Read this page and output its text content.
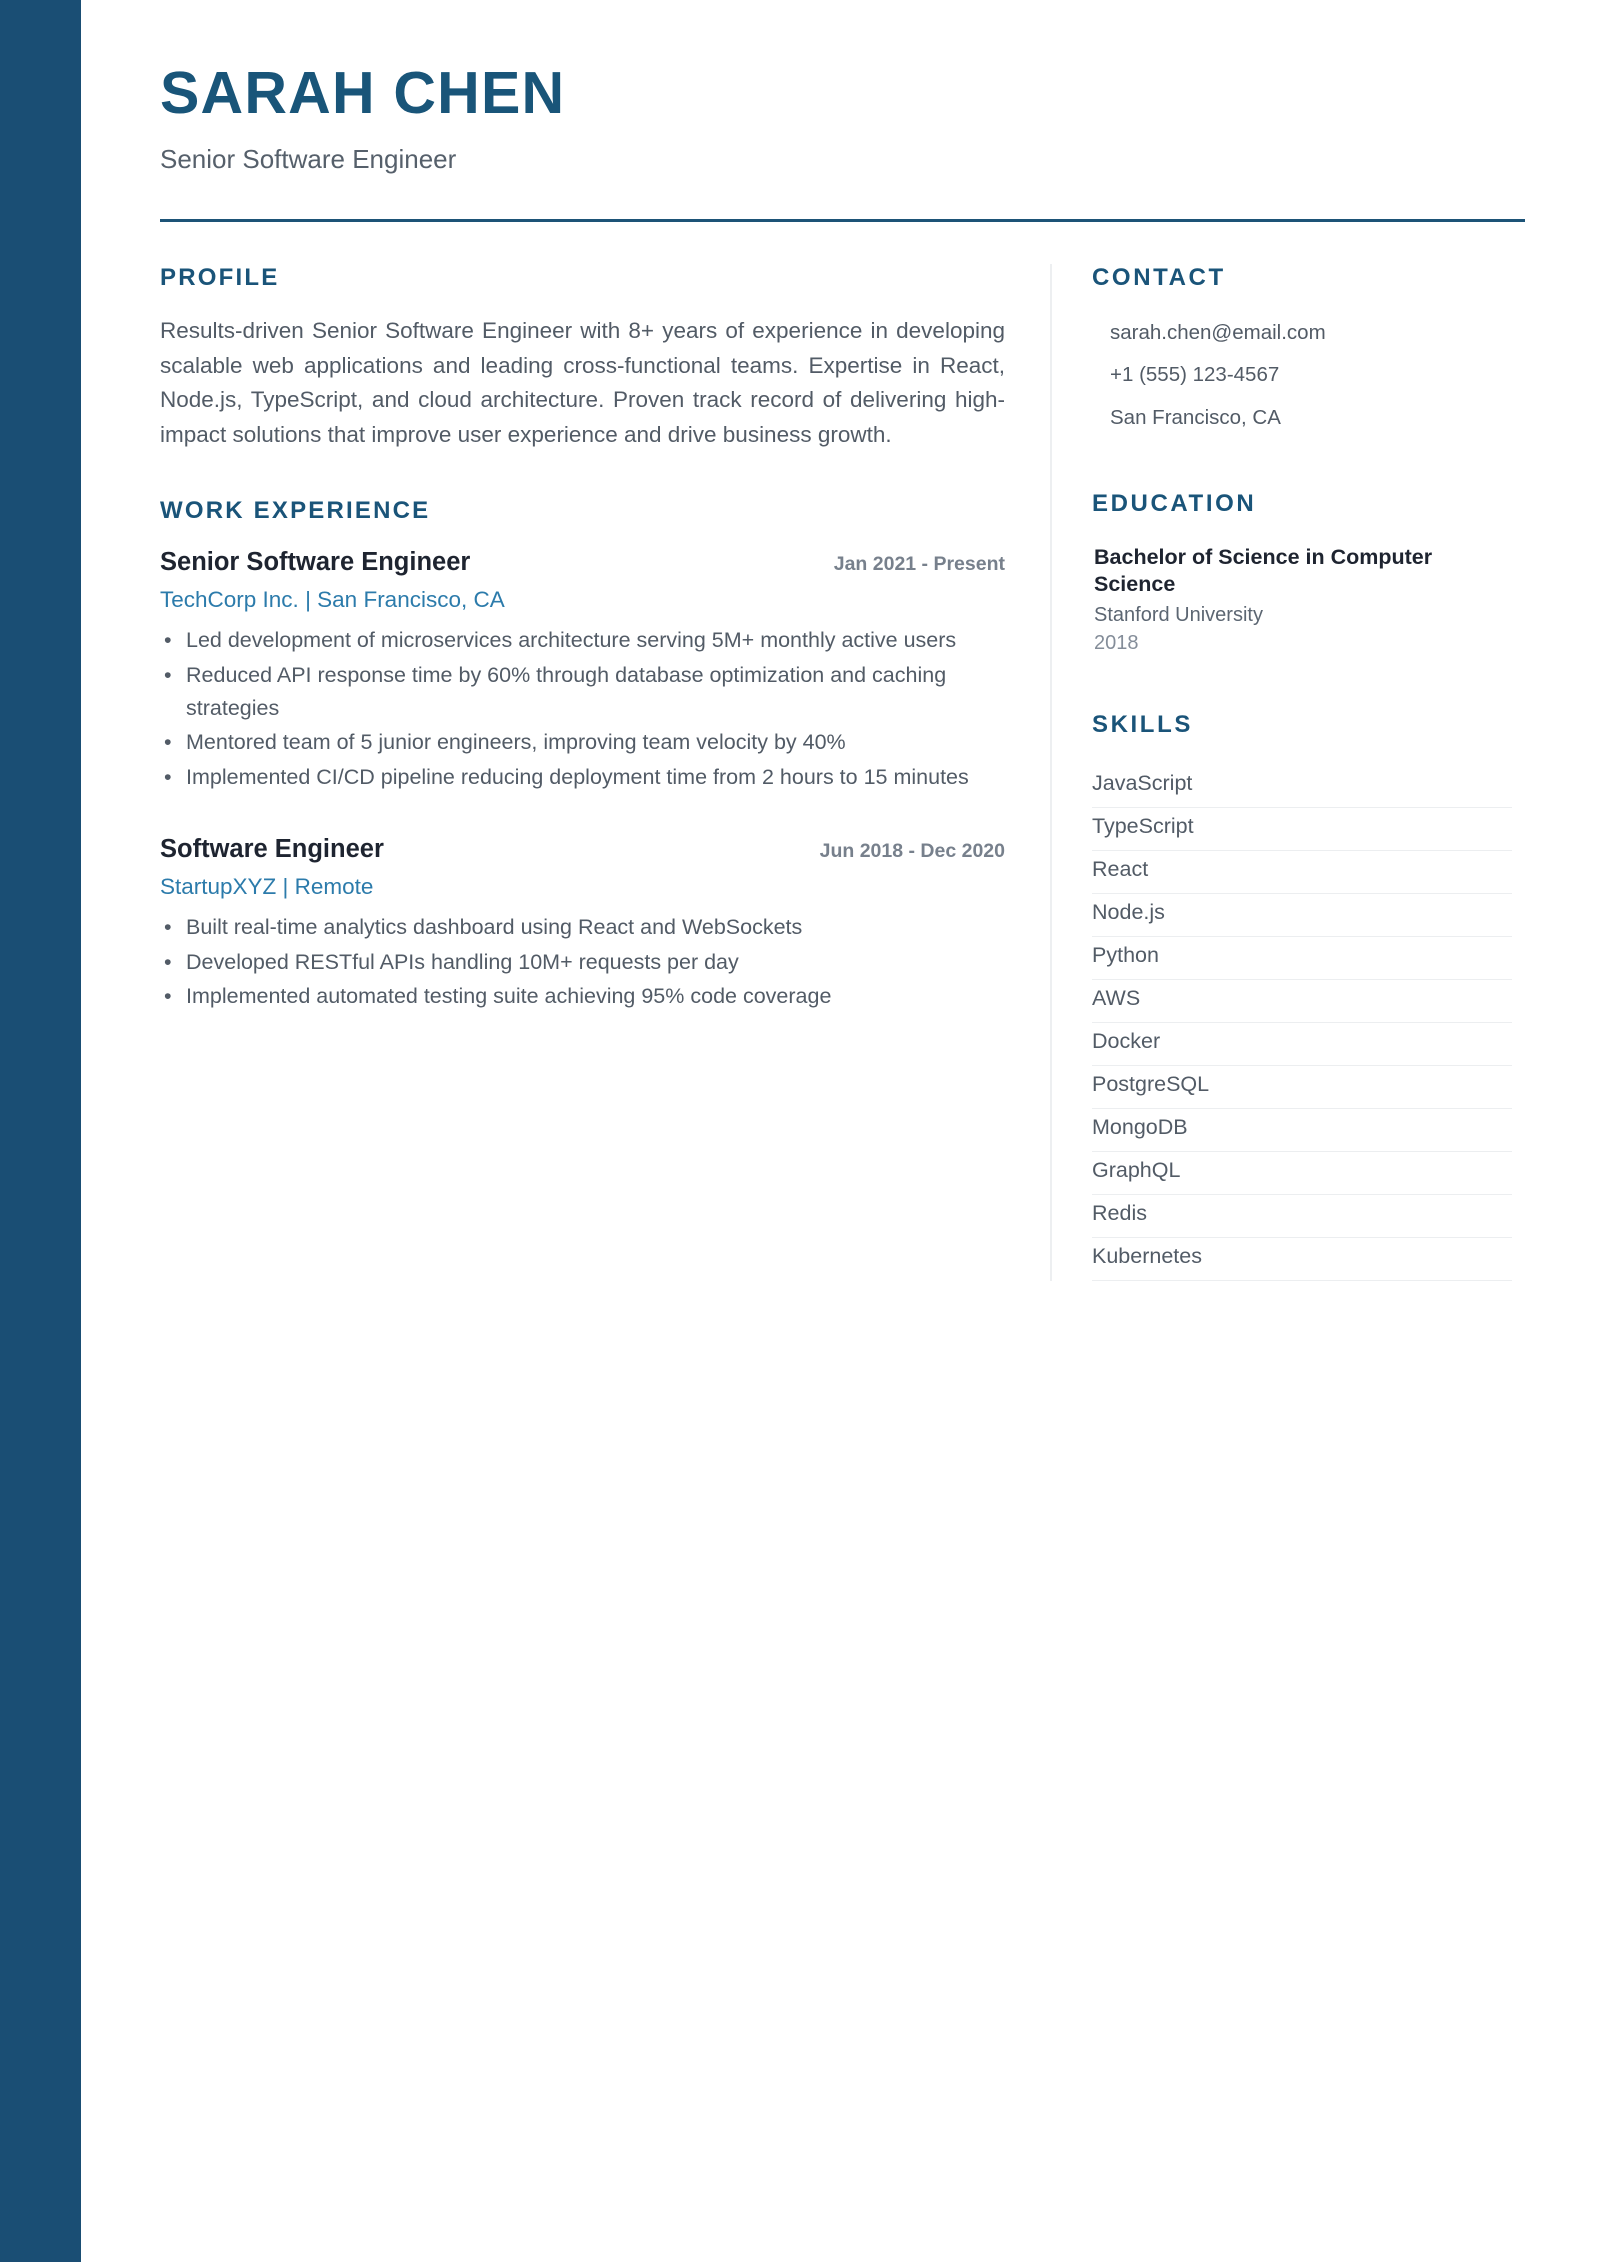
SARAH CHEN
Senior Software Engineer
PROFILE

Results-driven Senior Software Engineer with 8+ years of experience in developing scalable web applications and leading cross-functional teams. Expertise in React, Node.js, TypeScript, and cloud architecture. Proven track record of delivering high-impact solutions that improve user experience and drive business growth.

WORK EXPERIENCE
Senior Software Engineer	Jan 2021 - Present
TechCorp Inc. | San Francisco, CA
• Led development of microservices architecture serving 5M+ monthly active users
• Reduced API response time by 60% through database optimization and caching strategies
• Mentored team of 5 junior engineers, improving team velocity by 40%
• Implemented CI/CD pipeline reducing deployment time from 2 hours to 15 minutes
Software Engineer	Jun 2018 - Dec 2020
StartupXYZ | Remote
• Built real-time analytics dashboard using React and WebSockets
• Developed RESTful APIs handling 10M+ requests per day
• Implemented automated testing suite achieving 95% code coverage
CONTACT
sarah.chen@email.com
+1 (555) 123-4567
San Francisco, CA
EDUCATION
Bachelor of Science in Computer Science
Stanford University
2018
SKILLS
JavaScript
TypeScript
React
Node.js
Python
AWS
Docker
PostgreSQL
MongoDB
GraphQL
Redis
Kubernetes
